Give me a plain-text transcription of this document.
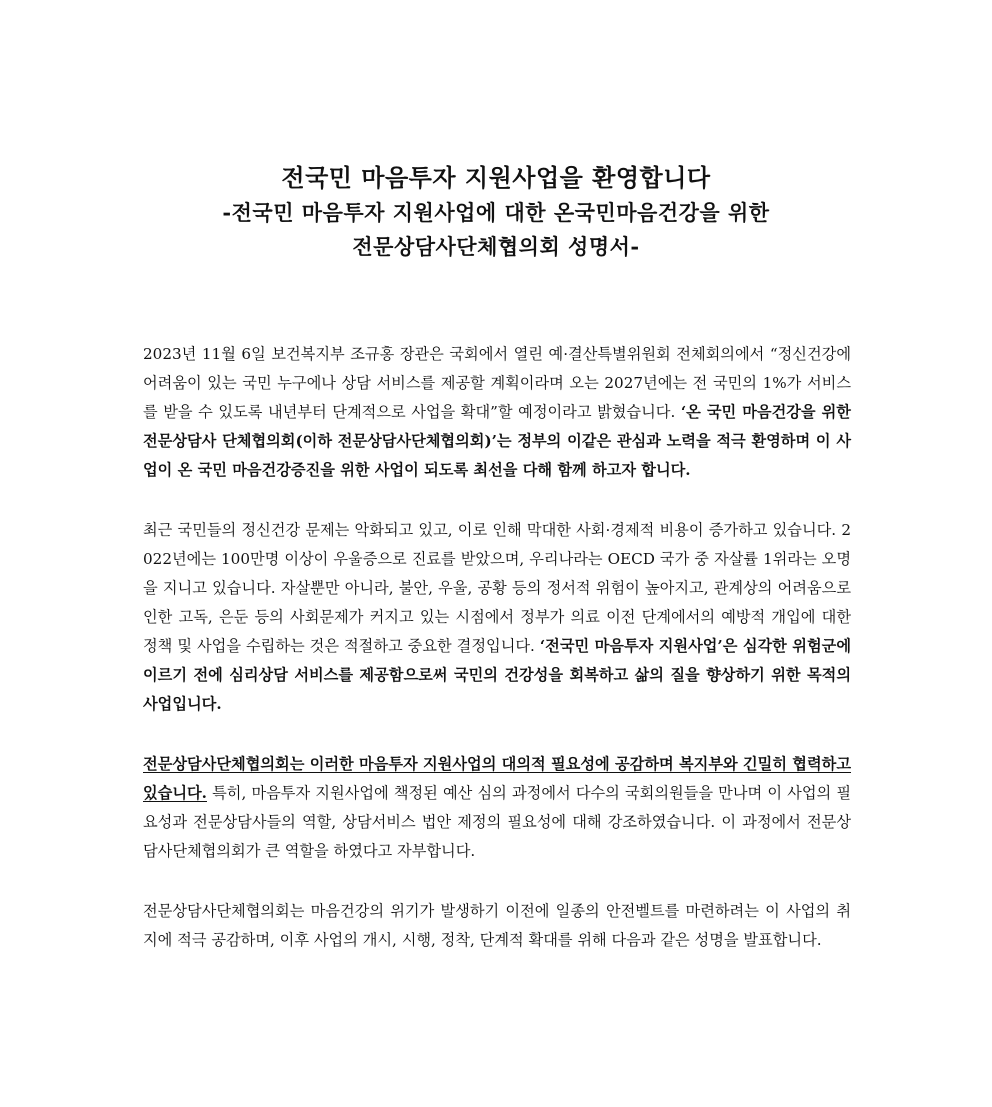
전국민 마음투자 지원사업을 환영합니다
-전국민 마음투자 지원사업에 대한 온국민마음건강을 위한
전문상담사단체협의회 성명서-

2023년 11월 6일 보건복지부 조규홍 장관은 국회에서 열린 예·결산특별위원회 전체회의에서 “정신건강에 어려움이 있는 국민 누구에나 상담 서비스를 제공할 계획이라며 오는 2027년에는 전 국민의 1%가 서비스를 받을 수 있도록 내년부터 단계적으로 사업을 확대”할 예정이라고 밝혔습니다. ‘온 국민 마음건강을 위한 전문상담사 단체협의회(이하 전문상담사단체협의회)’는 정부의 이같은 관심과 노력을 적극 환영하며 이 사업이 온 국민 마음건강증진을 위한 사업이 되도록 최선을 다해 함께 하고자 합니다.

최근 국민들의 정신건강 문제는 악화되고 있고, 이로 인해 막대한 사회·경제적 비용이 증가하고 있습니다. 2022년에는 100만명 이상이 우울증으로 진료를 받았으며, 우리나라는 OECD 국가 중 자살률 1위라는 오명을 지니고 있습니다. 자살뿐만 아니라, 불안, 우울, 공황 등의 정서적 위험이 높아지고, 관계상의 어려움으로 인한 고독, 은둔 등의 사회문제가 커지고 있는 시점에서 정부가 의료 이전 단계에서의 예방적 개입에 대한 정책 및 사업을 수립하는 것은 적절하고 중요한 결정입니다. ‘전국민 마음투자 지원사업’은 심각한 위험군에 이르기 전에 심리상담 서비스를 제공함으로써 국민의 건강성을 회복하고 삶의 질을 향상하기 위한 목적의 사업입니다.

전문상담사단체협의회는 이러한 마음투자 지원사업의 대의적 필요성에 공감하며 복지부와 긴밀히 협력하고 있습니다. 특히, 마음투자 지원사업에 책정된 예산 심의 과정에서 다수의 국회의원들을 만나며 이 사업의 필요성과 전문상담사들의 역할, 상담서비스 법안 제정의 필요성에 대해 강조하였습니다. 이 과정에서 전문상담사단체협의회가 큰 역할을 하였다고 자부합니다.

전문상담사단체협의회는 마음건강의 위기가 발생하기 이전에 일종의 안전벨트를 마련하려는 이 사업의 취지에 적극 공감하며, 이후 사업의 개시, 시행, 정착, 단계적 확대를 위해 다음과 같은 성명을 발표합니다.
